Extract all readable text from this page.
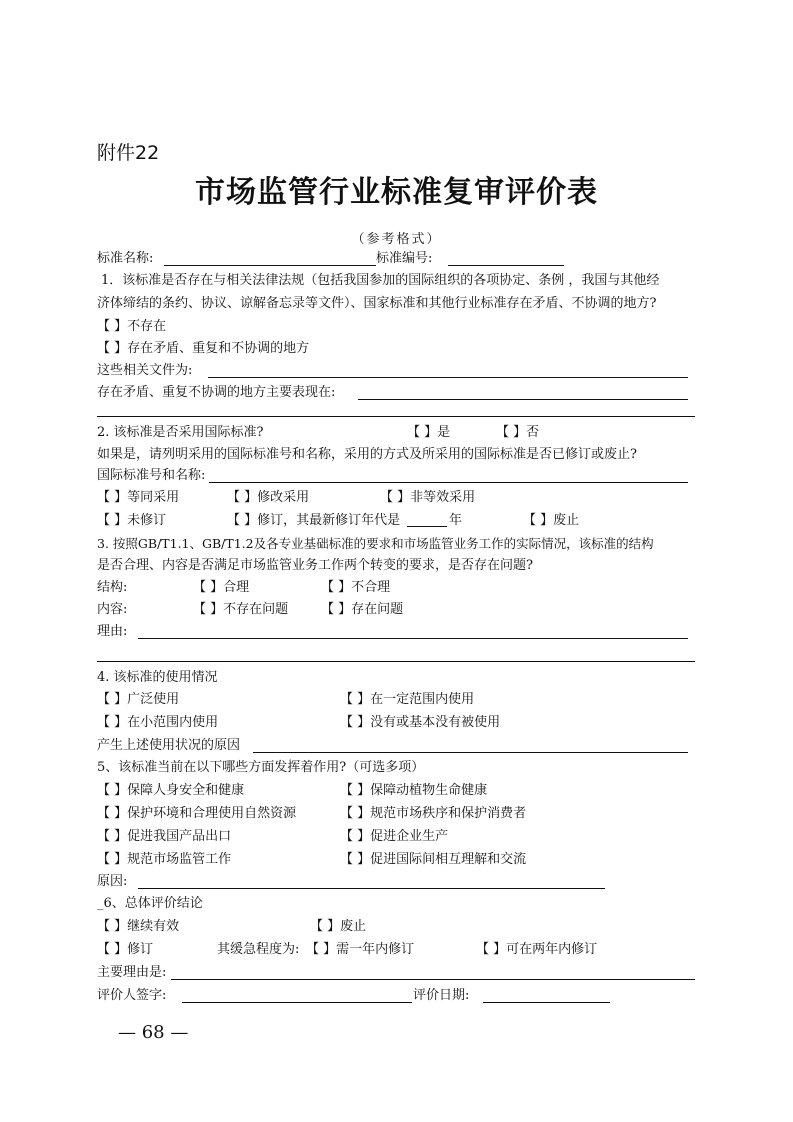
附件22
市场监管行业标准复审评价表
（参考格式）
标准名称:	标准编号:
1．该标准是否存在与相关法律法规（包括我国参加的国际组织的各项协定、条例 ，我国与其他经
济体缔结的条约、协议、谅解备忘录等文件）、国家标准和其他行业标准存在矛盾、不协调的地方?
【 】不存在
【 】存在矛盾、重复和不协调的地方
这些相关文件为:
存在矛盾、重复不协调的地方主要表现在:
2. 该标准是否采用国际标准?	【 】是	【 】否
如果是，请列明采用的国际标准号和名称，采用的方式及所采用的国际标准是否已修订或废止?
国际标准号和名称:
【 】等同采用	【 】修改采用	【 】非等效采用
【 】未修订	【 】修订，其最新修订年代是	年	【 】废止
3. 按照GB/T1.1、GB/T1.2及各专业基础标准的要求和市场监管业务工作的实际情况，该标准的结构
是否合理、内容是否满足市场监管业务工作两个转变的要求，是否存在问题?
结构:	【 】合理	【 】不合理
内容:	【 】不存在问题	【 】存在问题
理由:
4. 该标准的使用情况
【 】广泛使用	【 】在一定范围内使用
【 】在小范围内使用	【 】没有或基本没有被使用
产生上述使用状况的原因
5、该标准当前在以下哪些方面发挥着作用?（可选多项）
【 】保障人身安全和健康	【 】保障动植物生命健康
【 】保护环境和合理使用自然资源	【 】规范市场秩序和保护消费者
【 】促进我国产品出口	【 】促进企业生产
【 】规范市场监管工作	【 】促进国际间相互理解和交流
原因:
_6、总体评价结论
【 】继续有效	【 】废止
【 】修订	其缓急程度为: 【 】需一年内修订	【 】可在两年内修订
主要理由是:
评价人签字:	评价日期:
— 68 —
